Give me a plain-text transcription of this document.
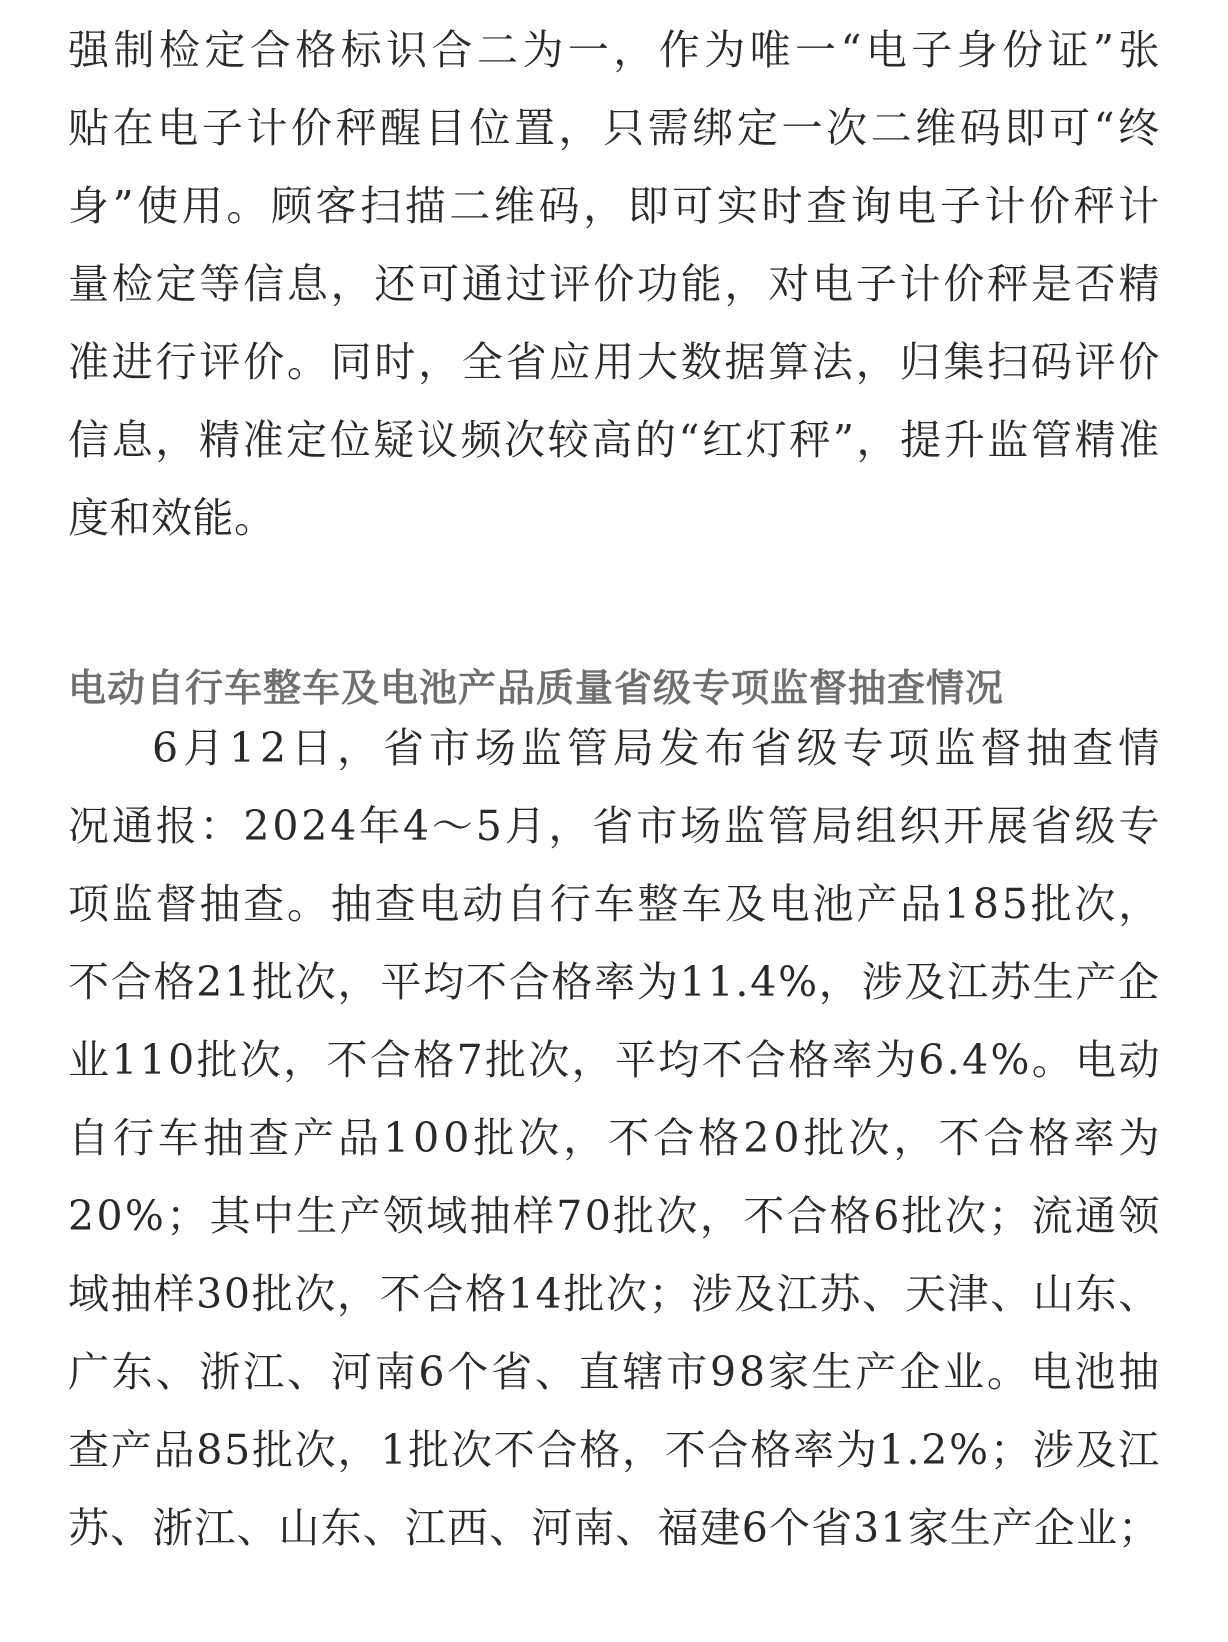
强 制 检 定 合 格 标 识 合 二 为 一 ， 作 为 唯 一 “ 电 子 身 份 证 ” 张
贴 在 电 子 计 价 秤 醒 目 位 置 ， 只 需 绑 定 一 次 二 维 码 即 可 “ 终
身 ” 使 用 。 顾 客 扫 描 二 维 码 ， 即 可 实 时 查 询 电 子 计 价 秤 计
量 检 定 等 信 息 ， 还 可 通 过 评 价 功 能 ， 对 电 子 计 价 秤 是 否 精
准 进 行 评 价 。 同 时 ， 全 省 应 用 大 数 据 算 法 ， 归 集 扫 码 评 价
信 息 ， 精 准 定 位 疑 议 频 次 较 高 的 “ 红 灯 秤 ” ， 提 升 监 管 精 准
度和效能。
电动自行车整车及电池产品质量省级专项监督抽查情况
6 月 1 2 日 ， 省 市 场 监 管 局 发 布 省 级 专 项 监 督 抽 查 情
况 通 报 ： 2 0 2 4 年 4 ～ 5 月 ， 省 市 场 监 管 局 组 织 开 展 省 级 专
项 监 督 抽 查 。 抽 查 电 动 自 行 车 整 车 及 电 池 产 品 1 8 5 批 次 ，
不 合 格 2 1 批 次 ， 平 均 不 合 格 率 为 1 1 . 4 % ， 涉 及 江 苏 生 产 企
业 1 1 0 批 次 ， 不 合 格 7 批 次 ， 平 均 不 合 格 率 为 6 . 4 % 。 电 动
自 行 车 抽 查 产 品 1 0 0 批 次 ， 不 合 格 2 0 批 次 ， 不 合 格 率 为
2 0 % ； 其 中 生 产 领 域 抽 样 7 0 批 次 ， 不 合 格 6 批 次 ； 流 通 领
域 抽 样 3 0 批 次 ， 不 合 格 1 4 批 次 ； 涉 及 江 苏 、 天 津 、 山 东 、
广 东 、 浙 江 、 河 南 6 个 省 、 直 辖 市 9 8 家 生 产 企 业 。 电 池 抽
查 产 品 8 5 批 次 ， 1 批 次 不 合 格 ， 不 合 格 率 为 1 . 2 % ； 涉 及 江
苏 、 浙 江 、 山 东 、 江 西 、 河 南 、 福 建 6 个 省 3 1 家 生 产 企 业 ；
